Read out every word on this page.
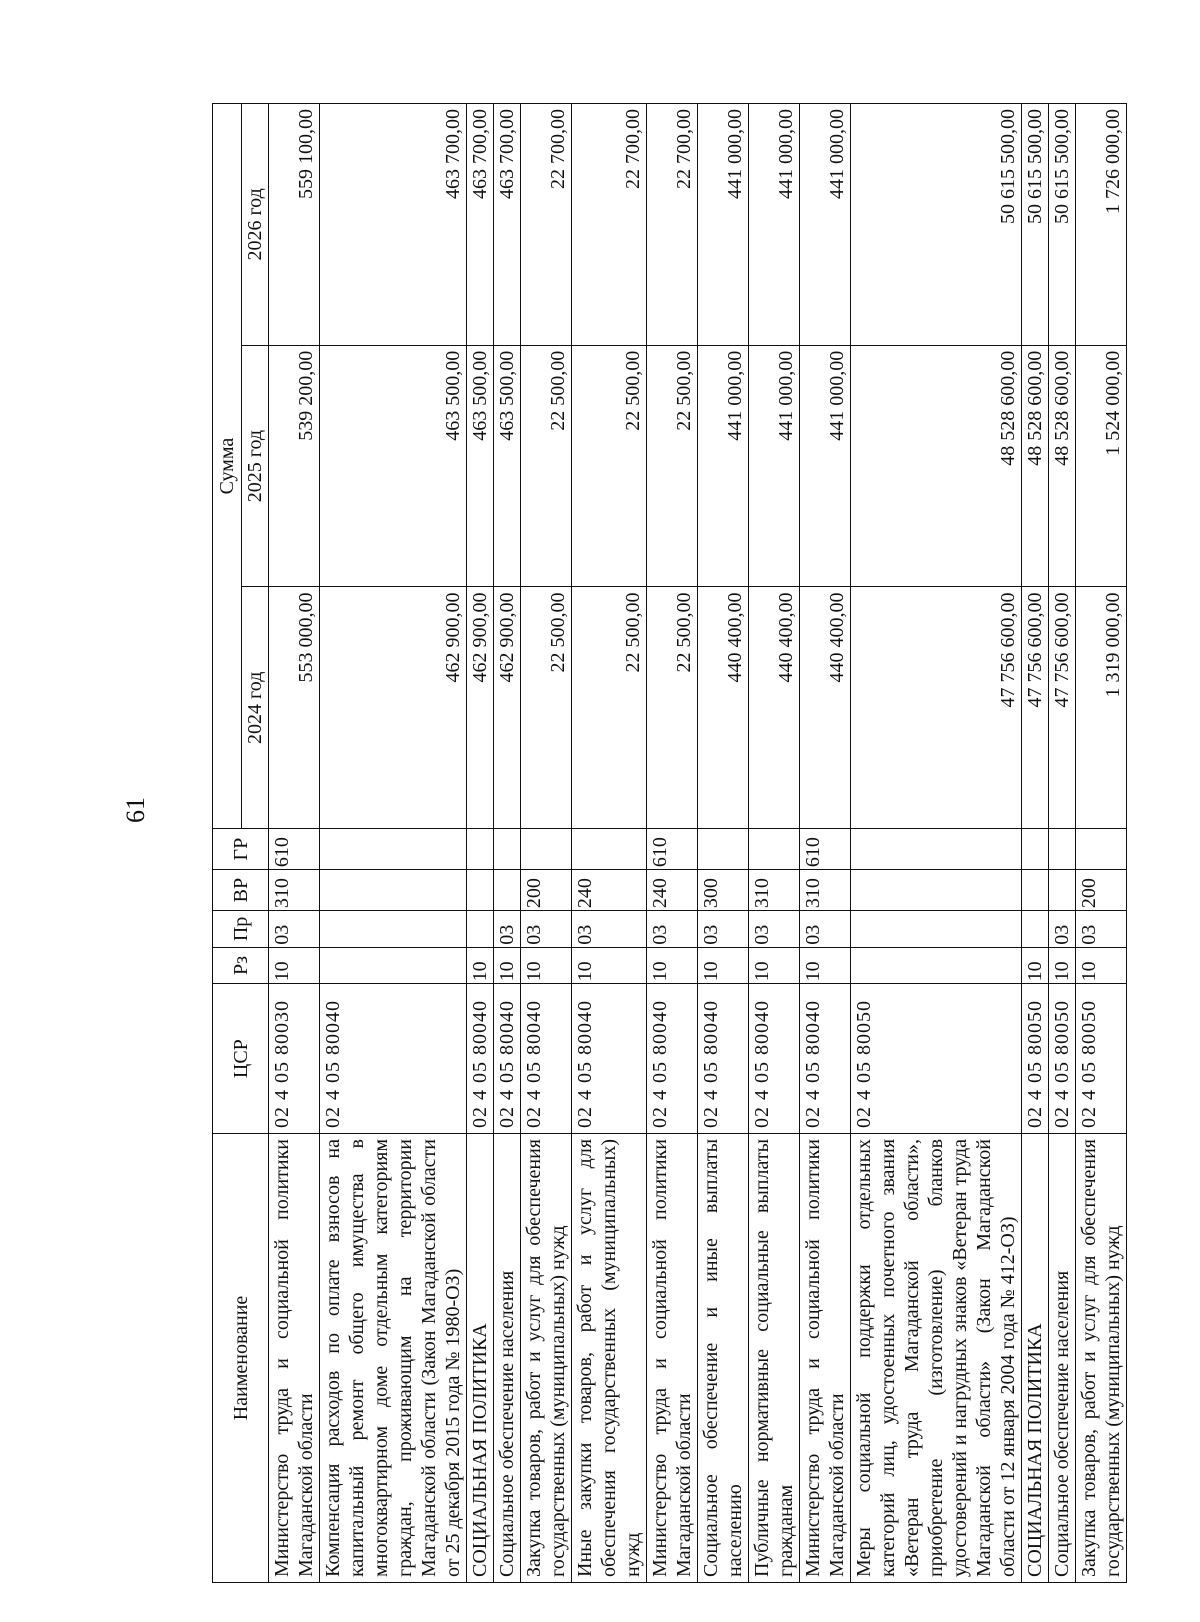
61
Наименование	ЦСР	Рз	Пр	ВР	ГР	Сумма		
						2024 год	2025 год	2026 год
Министерство труда и социальной политики Магаданской области	02 4 05 80030	10	03	310	610	553 000,00	539 200,00	559 100,00
Компенсация расходов по оплате взносов на капитальный ремонт общего имущества в многоквартирном доме отдельным категориям граждан, проживающим на территории Магаданской области (Закон Магаданской области от 25 декабря 2015 года № 1980-ОЗ)	02 4 05 80040					462 900,00	463 500,00	463 700,00
СОЦИАЛЬНАЯ ПОЛИТИКА	02 4 05 80040	10				462 900,00	463 500,00	463 700,00
Социальное обеспечение населения	02 4 05 80040	10	03			462 900,00	463 500,00	463 700,00
Закупка товаров, работ и услуг для обеспечения государственных (муниципальных) нужд	02 4 05 80040	10	03	200		22 500,00	22 500,00	22 700,00
Иные закупки товаров, работ и услуг для обеспечения государственных (муниципальных) нужд	02 4 05 80040	10	03	240		22 500,00	22 500,00	22 700,00
Министерство труда и социальной политики Магаданской области	02 4 05 80040	10	03	240	610	22 500,00	22 500,00	22 700,00
Социальное обеспечение и иные выплаты населению	02 4 05 80040	10	03	300		440 400,00	441 000,00	441 000,00
Публичные нормативные социальные выплаты гражданам	02 4 05 80040	10	03	310		440 400,00	441 000,00	441 000,00
Министерство труда и социальной политики Магаданской области	02 4 05 80040	10	03	310	610	440 400,00	441 000,00	441 000,00
Меры социальной поддержки отдельных категорий лиц, удостоенных почетного звания «Ветеран труда Магаданской области», приобретение (изготовление) бланков удостоверений и нагрудных знаков «Ветеран труда Магаданской области» (Закон Магаданской области от 12 января 2004 года № 412-ОЗ)	02 4 05 80050					47 756 600,00	48 528 600,00	50 615 500,00
СОЦИАЛЬНАЯ ПОЛИТИКА	02 4 05 80050	10				47 756 600,00	48 528 600,00	50 615 500,00
Социальное обеспечение населения	02 4 05 80050	10	03			47 756 600,00	48 528 600,00	50 615 500,00
Закупка товаров, работ и услуг для обеспечения государственных (муниципальных) нужд	02 4 05 80050	10	03	200		1 319 000,00	1 524 000,00	1 726 000,00
